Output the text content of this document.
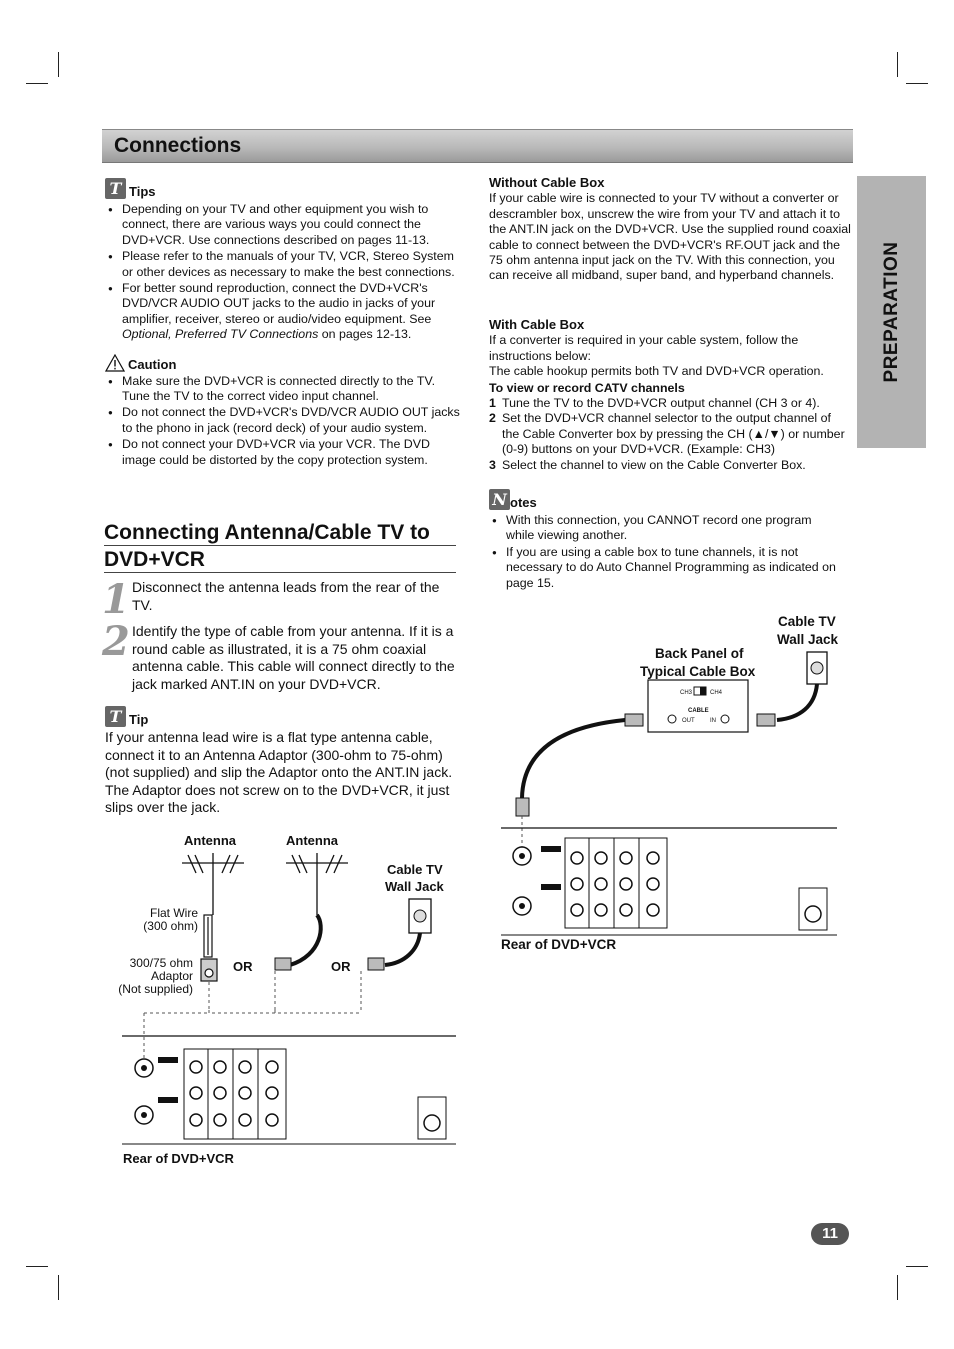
Connections
PREPARATION
T Tips
● Depending on your TV and other equipment you wish to connect, there are various ways you could connect the DVD+VCR. Use connections described on pages 11-13.
● Please refer to the manuals of your TV, VCR, Stereo System or other devices as necessary to make the best connections.
● For better sound reproduction, connect the DVD+VCR's DVD/VCR AUDIO OUT jacks to the audio in jacks of your amplifier, receiver, stereo or audio/video equipment. See Optional, Preferred TV Connections on pages 12-13.
Caution
● Make sure the DVD+VCR is connected directly to the TV. Tune the TV to the correct video input channel.
● Do not connect the DVD+VCR's DVD/VCR AUDIO OUT jacks to the phono in jack (record deck) of your audio system.
● Do not connect your DVD+VCR via your VCR. The DVD image could be distorted by the copy protection system.
Connecting Antenna/Cable TV to
DVD+VCR
1 Disconnect the antenna leads from the rear of the TV.
2 Identify the type of cable from your antenna. If it is a round cable as illustrated, it is a 75 ohm coaxial antenna cable. This cable will connect directly to the jack marked ANT.IN on your DVD+VCR.
T Tip
If your antenna lead wire is a flat type antenna cable, connect it to an Antenna Adaptor (300-ohm to 75-ohm) (not supplied) and slip the Adaptor onto the ANT.IN jack. The Adaptor does not screw on to the DVD+VCR, it just slips over the jack.
Antenna	Antenna
Cable TV
Wall Jack
OR	OR
Rear of DVD+VCR
Flat Wire
(300 ohm)
300/75 ohm
Adaptor
(Not supplied)
Without Cable Box
If your cable wire is connected to your TV without a converter or descrambler box, unscrew the wire from your TV and attach it to the ANT.IN jack on the DVD+VCR. Use the supplied round coaxial cable to connect between the DVD+VCR's RF.OUT jack and the 75 ohm antenna input jack on the TV. With this connection, you can receive all midband, super band, and hyperband channels.
With Cable Box
If a converter is required in your cable system, follow the instructions below:
The cable hookup permits both TV and DVD+VCR operation.
To view or record CATV channels
1 Tune the TV to the DVD+VCR output channel (CH 3 or 4).
2 Set the DVD+VCR channel selector to the output channel of the Cable Converter box by pressing the CH (▲/▼) or number (0-9) buttons on your DVD+VCR. (Example: CH3)
3 Select the channel to view on the Cable Converter Box.
N otes
● With this connection, you CANNOT record one program while viewing another.
● If you are using a cable box to tune channels, it is not necessary to do Auto Channel Programming as indicated on page 15.
Cable TV
Wall Jack
Back Panel of
Typical Cable Box
Rear of DVD+VCR
CH3	CH4
CABLE
OUT	IN
11
